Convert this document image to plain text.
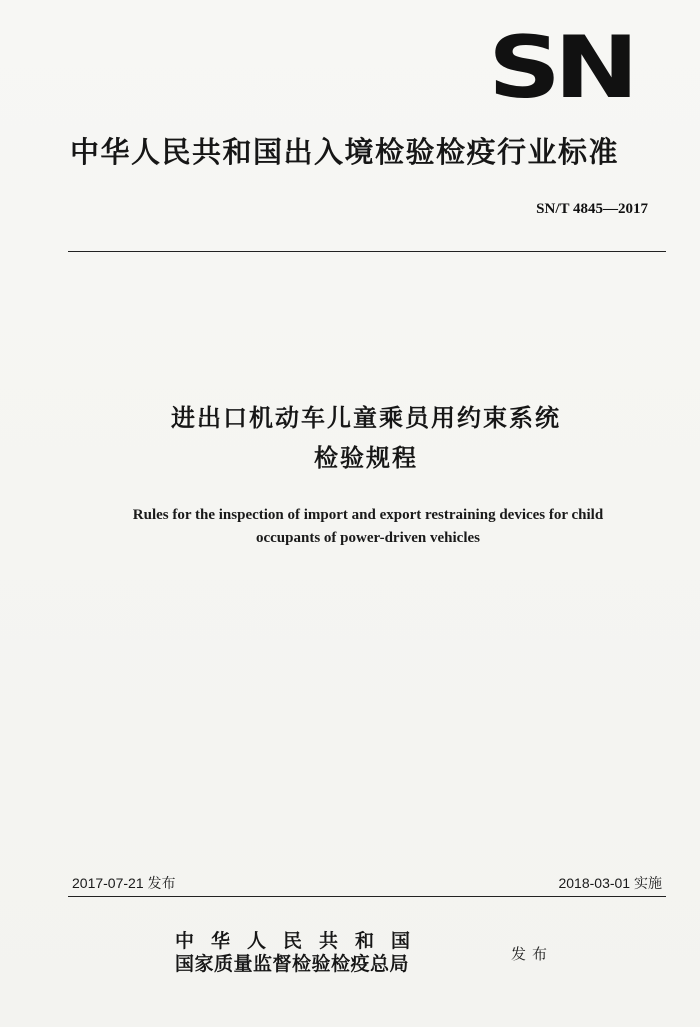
SN
中华人民共和国出入境检验检疫行业标准
SN/T 4845—2017
进出口机动车儿童乘员用约束系统
检验规程
Rules for the inspection of import and export restraining devices for child
occupants of power-driven vehicles
2017-07-21 发布	2018-03-01 实施
中华人民共和国
国家质量监督检验检疫总局	发布
